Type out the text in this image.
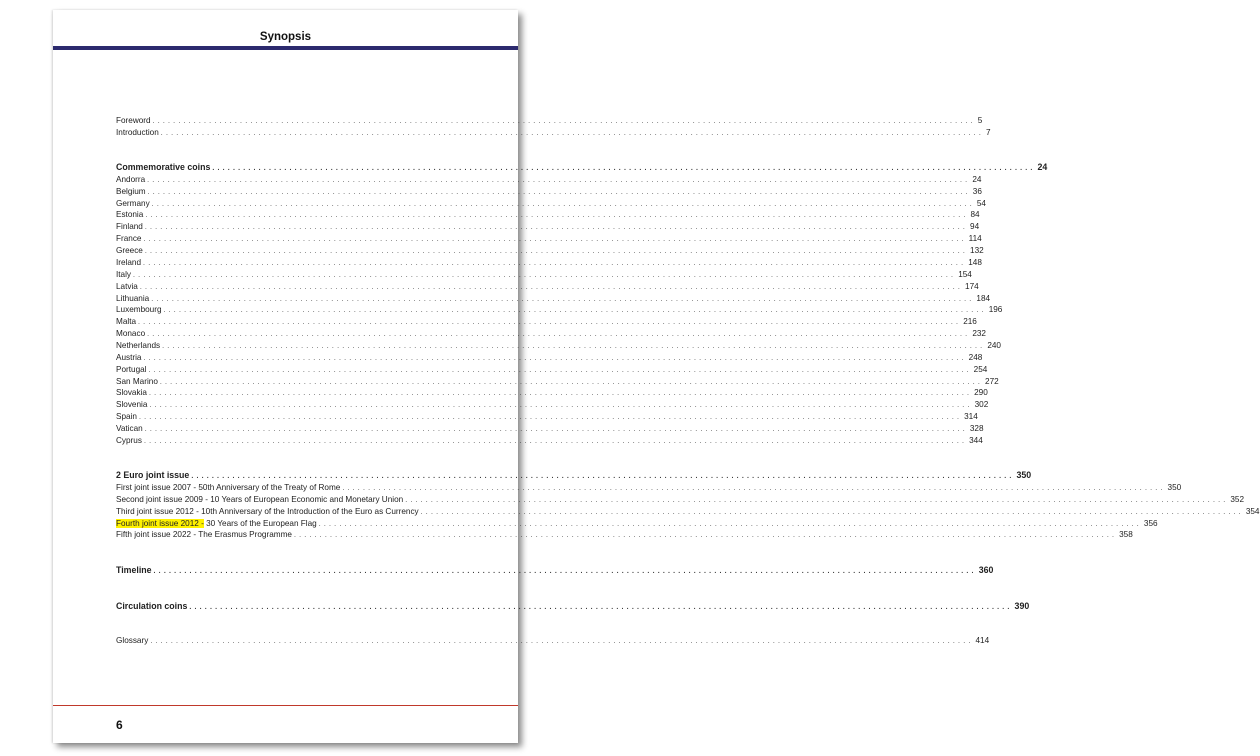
Synopsis
Foreword ................................................................................................................................................................ 5
Introduction ................................................................................................................................................................ 7
Commemorative coins ................................................................................................................................................................ 24
Andorra ................................................................................................................................................................ 24
Belgium ................................................................................................................................................................ 36
Germany ................................................................................................................................................................ 54
Estonia ................................................................................................................................................................ 84
Finland ................................................................................................................................................................ 94
France ................................................................................................................................................................ 114
Greece ................................................................................................................................................................ 132
Ireland ................................................................................................................................................................ 148
Italy ................................................................................................................................................................ 154
Latvia ................................................................................................................................................................ 174
Lithuania ................................................................................................................................................................ 184
Luxembourg ................................................................................................................................................................ 196
Malta ................................................................................................................................................................ 216
Monaco ................................................................................................................................................................ 232
Netherlands ................................................................................................................................................................ 240
Austria ................................................................................................................................................................ 248
Portugal ................................................................................................................................................................ 254
San Marino ................................................................................................................................................................ 272
Slovakia ................................................................................................................................................................ 290
Slovenia ................................................................................................................................................................ 302
Spain ................................................................................................................................................................ 314
Vatican ................................................................................................................................................................ 328
Cyprus ................................................................................................................................................................ 344
2 Euro joint issue ................................................................................................................................................................ 350
First joint issue 2007 - 50th Anniversary of the Treaty of Rome ................................................................................................................................................................ 350
Second joint issue 2009 - 10 Years of European Economic and Monetary Union ................................................................................................................................................................ 352
Third joint issue 2012 - 10th Anniversary of the Introduction of the Euro as Currency ................................................................................................................................................................ 354
Fourth joint issue 2012 - 30 Years of the European Flag ................................................................................................................................................................ 356
Fifth joint issue 2022 - The Erasmus Programme ................................................................................................................................................................ 358
Timeline ................................................................................................................................................................ 360
Circulation coins ................................................................................................................................................................ 390
Glossary ................................................................................................................................................................ 414
6
